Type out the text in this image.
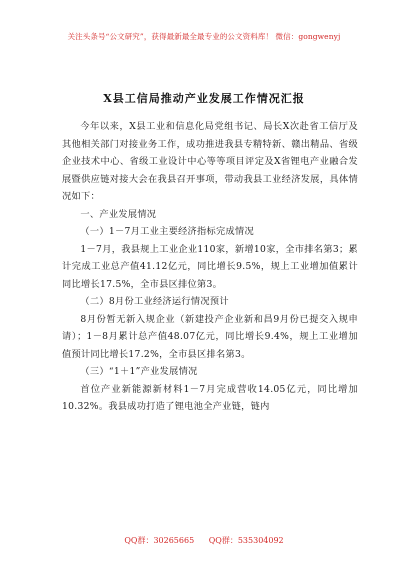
关注头条号“公文研究”，获得最新最全最专业的公文资料库！ 微信：gongwenyj
X县工信局推动产业发展工作情况汇报

今年以来，X县工业和信息化局党组书记、局长X次赴省工信厅及其他相关部门对接业务工作，成功推进我县专精特新、赣出精品、省级企业技术中心、省级工业设计中心等等项目评定及X省锂电产业融合发展暨供应链对接大会在我县召开事项，带动我县工业经济发展，具体情况如下：

一、产业发展情况

（一）1－7月工业主要经济指标完成情况

1－7月，我县规上工业企业110家，新增10家，全市排名第3；累计完成工业总产值41.12亿元，同比增长9.5%，规上工业增加值累计同比增长17.5%，全市县区排位第3。

（二）8月份工业经济运行情况预计

8月份暂无新入规企业（新建投产企业新和昌9月份已提交入规申请）；1－8月累计总产值48.07亿元，同比增长9.4%，规上工业增加值预计同比增长17.2%，全市县区排名第3。

（三）“1＋1”产业发展情况

首位产业新能源新材料1－7月完成营收14.05亿元，同比增加10.32%。我县成功打造了锂电池全产业链，链内

QQ群：30265665 QQ群：535304092
